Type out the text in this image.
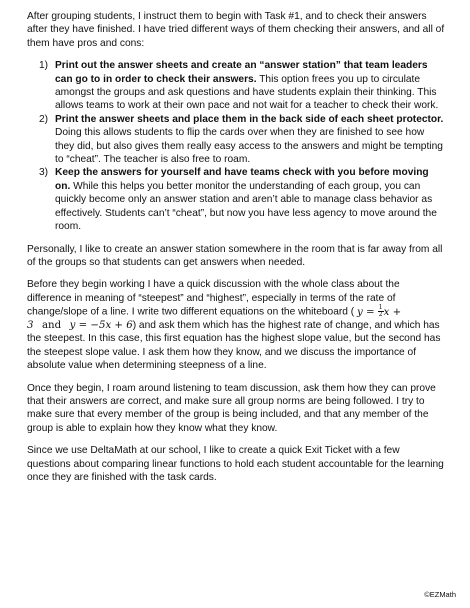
After grouping students, I instruct them to begin with Task #1, and to check their answers after they have finished. I have tried different ways of them checking their answers, and all of them have pros and cons:

1) Print out the answer sheets and create an “answer station” that team leaders can go to in order to check their answers. This option frees you up to circulate amongst the groups and ask questions and have students explain their thinking. This allows teams to work at their own pace and not wait for a teacher to check their work.
2) Print the answer sheets and place them in the back side of each sheet protector. Doing this allows students to flip the cards over when they are finished to see how they did, but also gives them really easy access to the answers and might be tempting to “cheat”. The teacher is also free to roam.
3) Keep the answers for yourself and have teams check with you before moving on. While this helps you better monitor the understanding of each group, you can quickly become only an answer station and aren’t able to manage class behavior as effectively. Students can’t “cheat”, but now you have less agency to move around the room.

Personally, I like to create an answer station somewhere in the room that is far away from all of the groups so that students can get answers when needed.

Before they begin working I have a quick discussion with the whole class about the difference in meaning of “steepest” and “highest”, especially in terms of the rate of change/slope of a line. I write two different equations on the whiteboard ( $y = \frac{1}{2}$ x + 3 and y = −5x + 6) and ask them which has the highest rate of change, and which has the steepest. In this case, this first equation has the highest slope value, but the second has the steepest slope value. I ask them how they know, and we discuss the importance of absolute value when determining steepness of a line.

Once they begin, I roam around listening to team discussion, ask them how they can prove that their answers are correct, and make sure all group norms are being followed. I try to make sure that every member of the group is being included, and that any member of the group is able to explain how they know what they know.

Since we use DeltaMath at our school, I like to create a quick Exit Ticket with a few questions about comparing linear functions to hold each student accountable for the learning once they are finished with the task cards.

©EZMath
